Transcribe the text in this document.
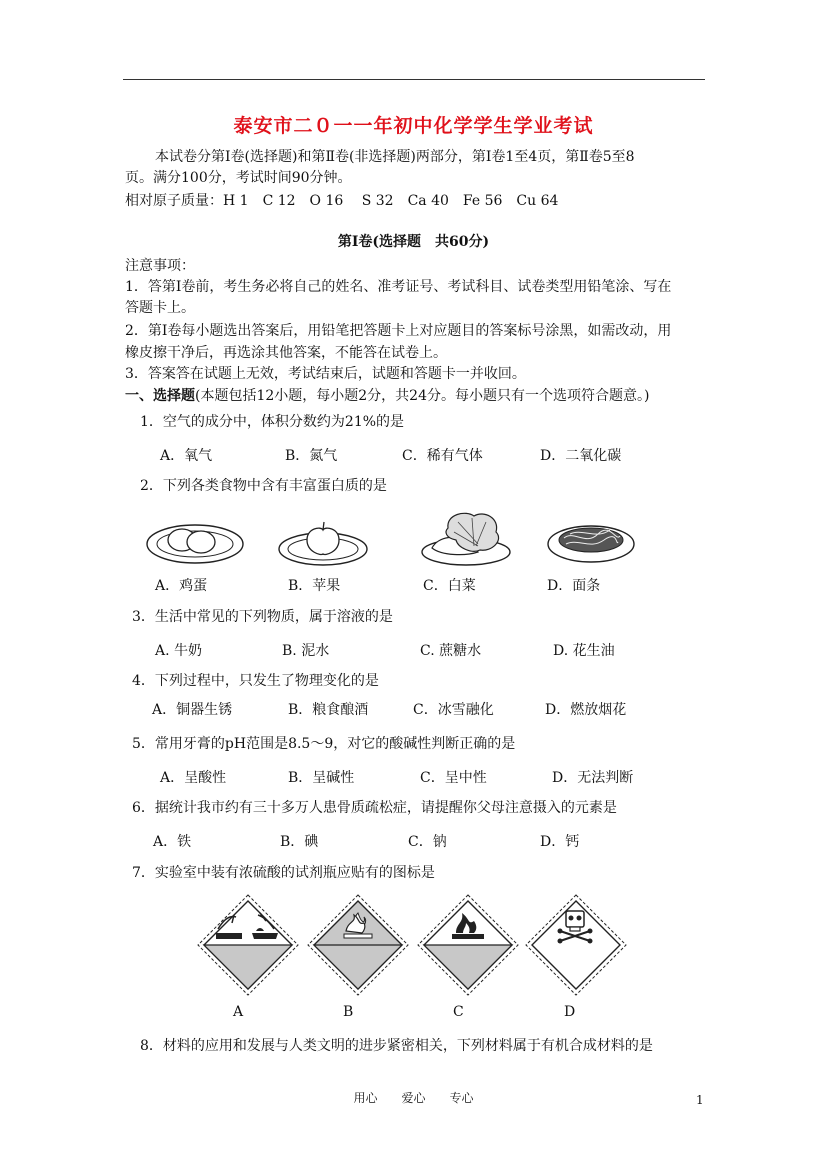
泰安市二０一一年初中化学学生学业考试
本试卷分第Ⅰ卷(选择题)和第Ⅱ卷(非选择题)两部分，第Ⅰ卷1至4页，第Ⅱ卷5至8
页。满分100分，考试时间90分钟。
相对原子质量：H 1　C 12　O 16　 S 32　Ca 40　Fe 56　Cu 64
第Ⅰ卷(选择题　共60分)
注意事项：
1．答第Ⅰ卷前，考生务必将自己的姓名、准考证号、考试科目、试卷类型用铅笔涂、写在
答题卡上。
2．第Ⅰ卷每小题选出答案后，用铅笔把答题卡上对应题目的答案标号涂黑，如需改动，用
橡皮擦干净后，再选涂其他答案，不能答在试卷上。
3．答案答在试题上无效，考试结束后，试题和答题卡一并收回。
一、选择题(本题包括12小题，每小题2分，共24分。每小题只有一个选项符合题意。)
1．空气的成分中，体积分数约为21%的是
A．氧气	B．氮气	C．稀有气体	D．二氧化碳
2．下列各类食物中含有丰富蛋白质的是
A．鸡蛋	B．苹果	C．白菜	D．面条
3．生活中常见的下列物质，属于溶液的是
A. 牛奶	B. 泥水	C. 蔗糖水	D. 花生油
4．下列过程中，只发生了物理变化的是
A．铜器生锈	B．粮食酿酒	C．冰雪融化	D．燃放烟花
5．常用牙膏的pH范围是8.5～9，对它的酸碱性判断正确的是
A．呈酸性	B．呈碱性	C．呈中性	D．无法判断
6．据统计我市约有三十多万人患骨质疏松症，请提醒你父母注意摄入的元素是
A．铁	B．碘	C．钠	D．钙
7．实验室中装有浓硫酸的试剂瓶应贴有的图标是
A	B	C	D
8．材料的应用和发展与人类文明的进步紧密相关，下列材料属于有机合成材料的是
用心　　爱心　　专心	1
